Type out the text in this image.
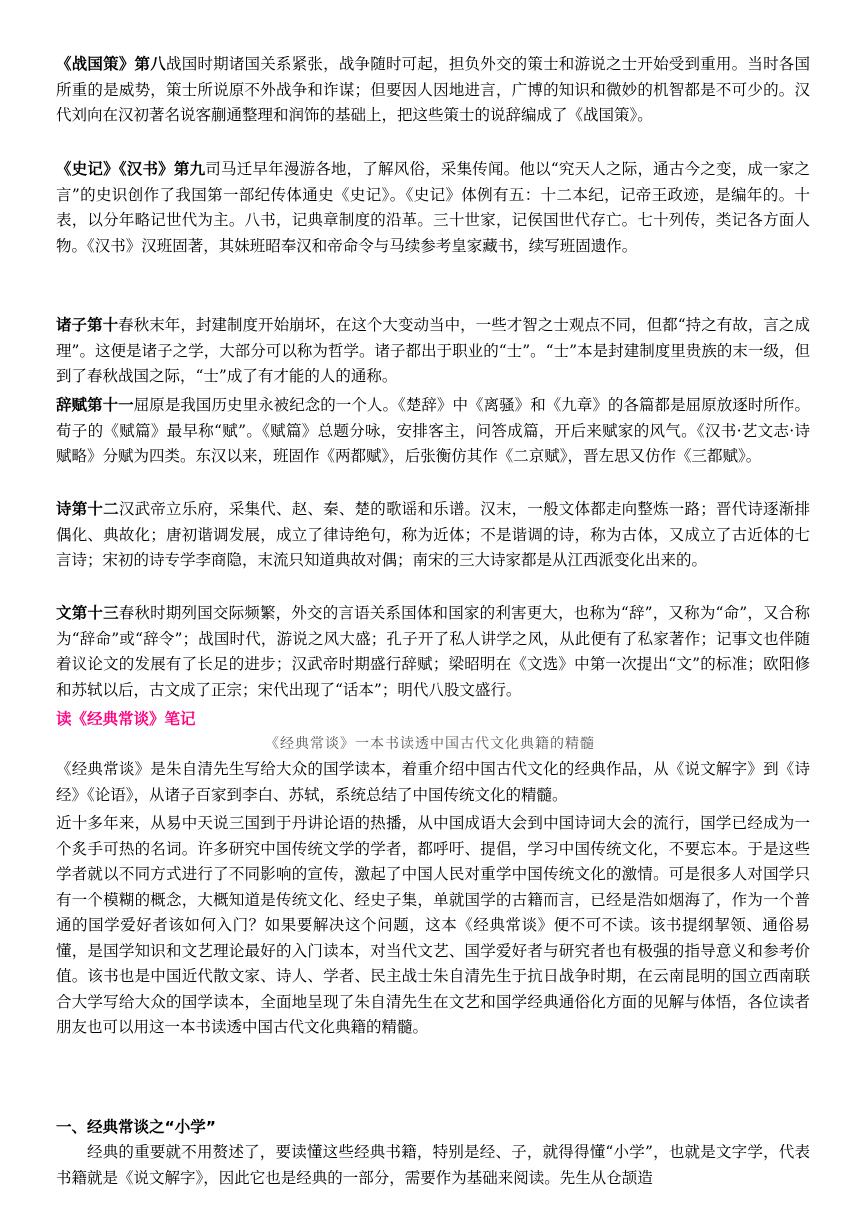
《战国策》第八战国时期诸国关系紧张，战争随时可起，担负外交的策士和游说之士开始受到重用。当时各国所重的是威势，策士所说原不外战争和诈谋；但要因人因地进言，广博的知识和微妙的机智都是不可少的。汉代刘向在汉初著名说客蒯通整理和润饰的基础上，把这些策士的说辞编成了《战国策》。

《史记》《汉书》第九司马迁早年漫游各地，了解风俗，采集传闻。他以“究天人之际，通古今之变，成一家之言”的史识创作了我国第一部纪传体通史《史记》。《史记》体例有五：十二本纪，记帝王政迹，是编年的。十表，以分年略记世代为主。八书，记典章制度的沿革。三十世家，记侯国世代存亡。七十列传，类记各方面人物。《汉书》汉班固著，其妹班昭奉汉和帝命令与马续参考皇家藏书，续写班固遗作。

诸子第十春秋末年，封建制度开始崩坏，在这个大变动当中，一些才智之士观点不同，但都“持之有故，言之成理”。这便是诸子之学，大部分可以称为哲学。诸子都出于职业的“士”。“士”本是封建制度里贵族的末一级，但到了春秋战国之际，“士”成了有才能的人的通称。

辞赋第十一屈原是我国历史里永被纪念的一个人。《楚辞》中《离骚》和《九章》的各篇都是屈原放逐时所作。荀子的《赋篇》最早称“赋”。《赋篇》总题分咏，安排客主，问答成篇，开后来赋家的风气。《汉书·艺文志·诗赋略》分赋为四类。东汉以来，班固作《两都赋》，后张衡仿其作《二京赋》，晋左思又仿作《三都赋》。

诗第十二汉武帝立乐府，采集代、赵、秦、楚的歌谣和乐谱。汉末，一般文体都走向整炼一路；晋代诗逐渐排偶化、典故化；唐初谐调发展，成立了律诗绝句，称为近体；不是谐调的诗，称为古体，又成立了古近体的七言诗；宋初的诗专学李商隐，末流只知道典故对偶；南宋的三大诗家都是从江西派变化出来的。

文第十三春秋时期列国交际频繁，外交的言语关系国体和国家的利害更大，也称为“辞”，又称为“命”，又合称为“辞命”或“辞令”；战国时代，游说之风大盛；孔子开了私人讲学之风，从此便有了私家著作；记事文也伴随着议论文的发展有了长足的进步；汉武帝时期盛行辞赋；梁昭明在《文选》中第一次提出“文”的标准；欧阳修和苏轼以后，古文成了正宗；宋代出现了“话本”；明代八股文盛行。

读《经典常谈》笔记
《经典常谈》一本书读透中国古代文化典籍的精髓

《经典常谈》是朱自清先生写给大众的国学读本，着重介绍中国古代文化的经典作品，从《说文解字》到《诗经》《论语》，从诸子百家到李白、苏轼，系统总结了中国传统文化的精髓。

近十多年来，从易中天说三国到于丹讲论语的热播，从中国成语大会到中国诗词大会的流行，国学已经成为一个炙手可热的名词。许多研究中国传统文学的学者，都呼吁、提倡，学习中国传统文化，不要忘本。于是这些学者就以不同方式进行了不同影响的宣传，激起了中国人民对重学中国传统文化的激情。可是很多人对国学只有一个模糊的概念，大概知道是传统文化、经史子集，单就国学的古籍而言，已经是浩如烟海了，作为一个普通的国学爱好者该如何入门？如果要解决这个问题，这本《经典常谈》便不可不读。该书提纲挈领、通俗易懂，是国学知识和文艺理论最好的入门读本，对当代文艺、国学爱好者与研究者也有极强的指导意义和参考价值。该书也是中国近代散文家、诗人、学者、民主战士朱自清先生于抗日战争时期，在云南昆明的国立西南联合大学写给大众的国学读本，全面地呈现了朱自清先生在文艺和国学经典通俗化方面的见解与体悟，各位读者朋友也可以用这一本书读透中国古代文化典籍的精髓。

一、经典常谈之“小学”

经典的重要就不用赘述了，要读懂这些经典书籍，特别是经、子，就得得懂“小学”，也就是文字学，代表书籍就是《说文解字》，因此它也是经典的一部分，需要作为基础来阅读。先生从仓颉造
